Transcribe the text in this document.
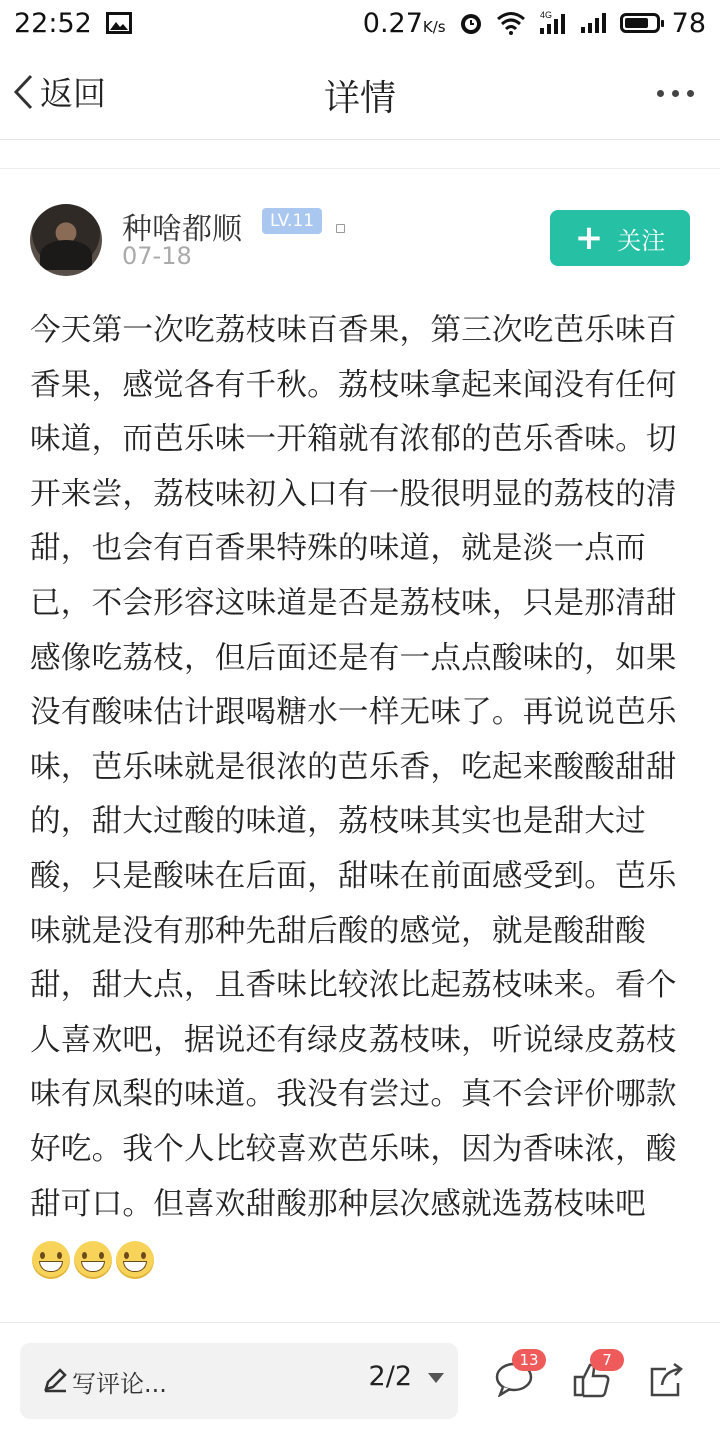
22:52	0.27K/s
4G	78
返回	详情
种啥都顺	LV.11
07-18	+ 关注
今天第一次吃荔枝味百香果，第三次吃芭乐味百香果，感觉各有千秋。荔枝味拿起来闻没有任何味道，而芭乐味一开箱就有浓郁的芭乐香味。切开来尝，荔枝味初入口有一股很明显的荔枝的清甜，也会有百香果特殊的味道，就是淡一点而已，不会形容这味道是否是荔枝味，只是那清甜感像吃荔枝，但后面还是有一点点酸味的，如果没有酸味估计跟喝糖水一样无味了。再说说芭乐味，芭乐味就是很浓的芭乐香，吃起来酸酸甜甜的，甜大过酸的味道，荔枝味其实也是甜大过酸，只是酸味在后面，甜味在前面感受到。芭乐味就是没有那种先甜后酸的感觉，就是酸甜酸甜，甜大点，且香味比较浓比起荔枝味来。看个人喜欢吧，据说还有绿皮荔枝味，听说绿皮荔枝味有凤梨的味道。我没有尝过。真不会评价哪款好吃。我个人比较喜欢芭乐味，因为香味浓，酸甜可口。但喜欢甜酸那种层次感就选荔枝味吧
写评论...	2/2
13	7
